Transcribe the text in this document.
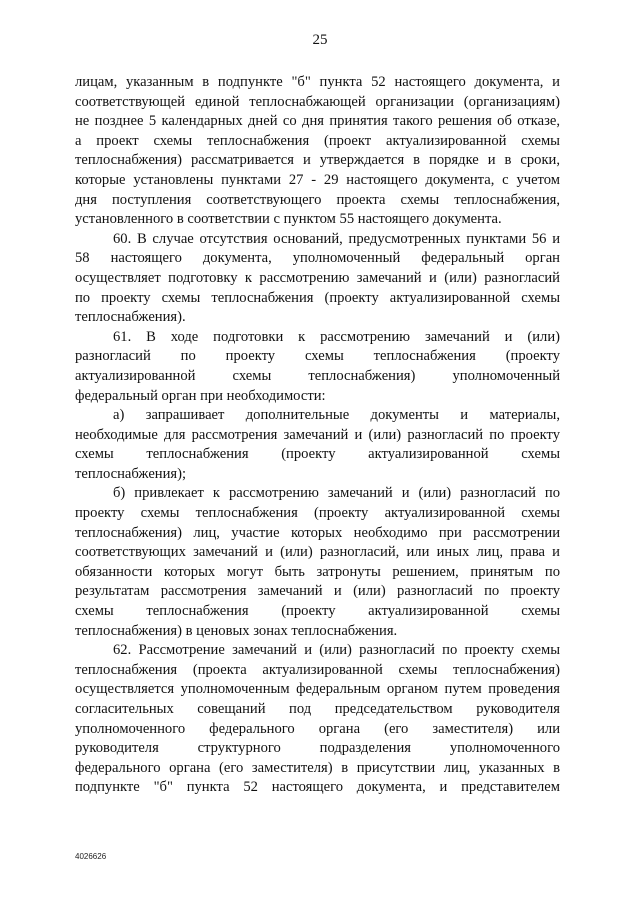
25
лицам, указанным в подпункте "б" пункта 52 настоящего документа, и
соответствующей единой теплоснабжающей организации (организациям)
не позднее 5 календарных дней со дня принятия такого решения об отказе,
а проект схемы теплоснабжения (проект актуализированной схемы
теплоснабжения) рассматривается и утверждается в порядке и в сроки,
которые установлены пунктами 27 - 29 настоящего документа, с учетом
дня поступления соответствующего проекта схемы теплоснабжения,
установленного в соответствии с пунктом 55 настоящего документа.
60. В случае отсутствия оснований, предусмотренных пунктами 56 и
58 настоящего документа, уполномоченный федеральный орган
осуществляет подготовку к рассмотрению замечаний и (или) разногласий
по проекту схемы теплоснабжения (проекту актуализированной схемы
теплоснабжения).
61. В ходе подготовки к рассмотрению замечаний и (или)
разногласий по проекту схемы теплоснабжения (проекту
актуализированной схемы теплоснабжения) уполномоченный
федеральный орган при необходимости:
а) запрашивает дополнительные документы и материалы,
необходимые для рассмотрения замечаний и (или) разногласий по проекту
схемы теплоснабжения (проекту актуализированной схемы
теплоснабжения);
б) привлекает к рассмотрению замечаний и (или) разногласий по
проекту схемы теплоснабжения (проекту актуализированной схемы
теплоснабжения) лиц, участие которых необходимо при рассмотрении
соответствующих замечаний и (или) разногласий, или иных лиц, права и
обязанности которых могут быть затронуты решением, принятым по
результатам рассмотрения замечаний и (или) разногласий по проекту
схемы теплоснабжения (проекту актуализированной схемы
теплоснабжения) в ценовых зонах теплоснабжения.
62. Рассмотрение замечаний и (или) разногласий по проекту схемы
теплоснабжения (проекта актуализированной схемы теплоснабжения)
осуществляется уполномоченным федеральным органом путем проведения
согласительных совещаний под председательством руководителя
уполномоченного федерального органа (его заместителя) или
руководителя структурного подразделения уполномоченного
федерального органа (его заместителя) в присутствии лиц, указанных в
подпункте "б" пункта 52 настоящего документа, и представителем
4026626
